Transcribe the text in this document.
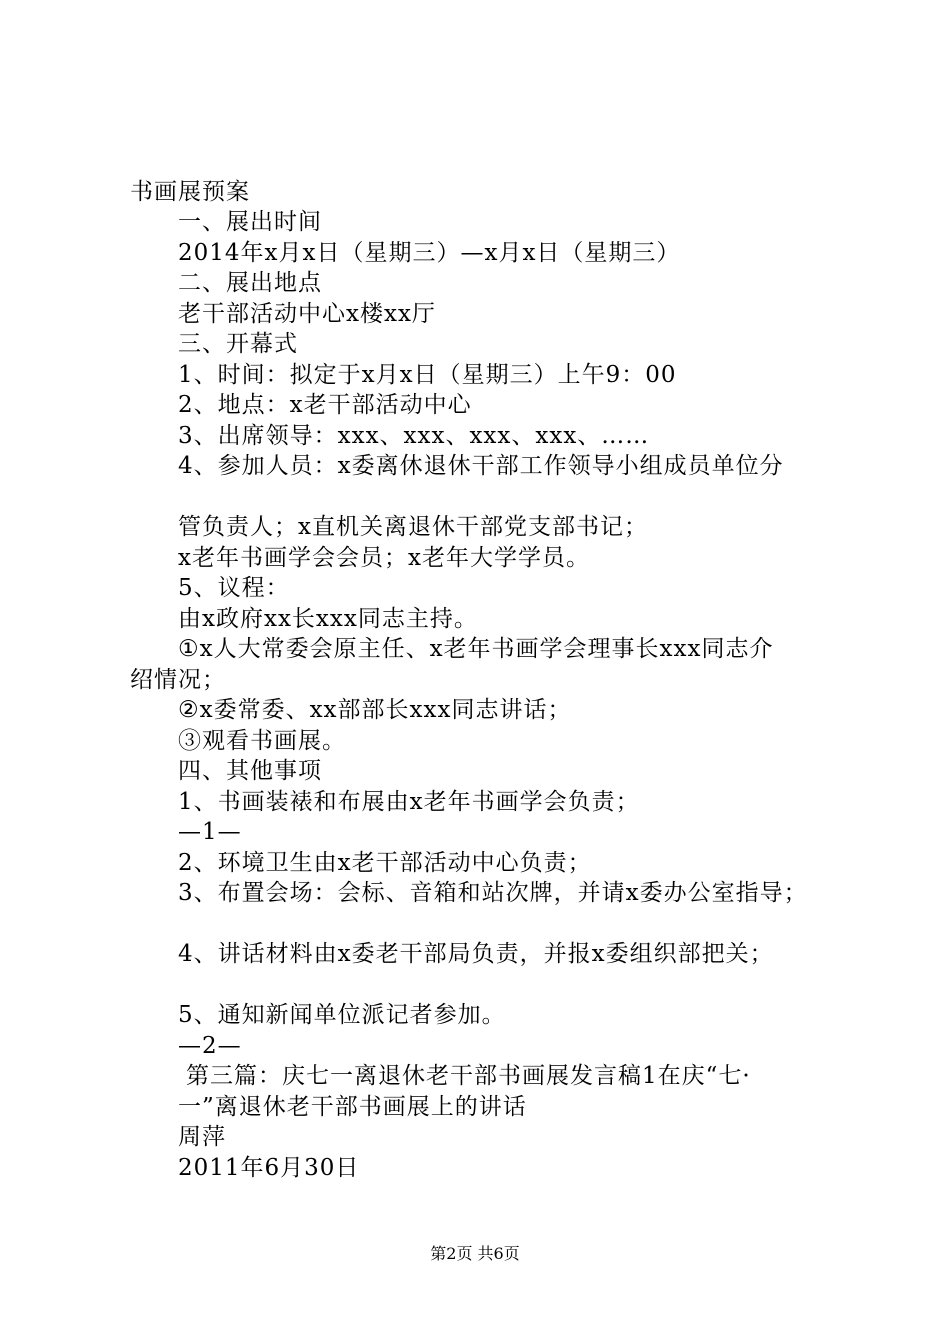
书画展预案
一、展出时间
2014年x月x日（星期三）—x月x日（星期三）
二、展出地点
老干部活动中心x楼xx厅
三、开幕式
1、时间：拟定于x月x日（星期三）上午9：00
2、地点：x老干部活动中心
3、出席领导：xxx、xxx、xxx、xxx、……
4、参加人员：x委离休退休干部工作领导小组成员单位分
管负责人；x直机关离退休干部党支部书记；
x老年书画学会会员；x老年大学学员。
5、议程：
由x政府xx长xxx同志主持。
①x人大常委会原主任、x老年书画学会理事长xxx同志介
绍情况；
②x委常委、xx部部长xxx同志讲话；
③观看书画展。
四、其他事项
1、书画装裱和布展由x老年书画学会负责；
—1—
2、环境卫生由x老干部活动中心负责；
3、布置会场：会标、音箱和站次牌，并请x委办公室指导；
4、讲话材料由x委老干部局负责，并报x委组织部把关；
5、通知新闻单位派记者参加。
—2—
第三篇：庆七一离退休老干部书画展发言稿1在庆“七·
一”离退休老干部书画展上的讲话
周萍
2011年6月30日
第2页 共6页
